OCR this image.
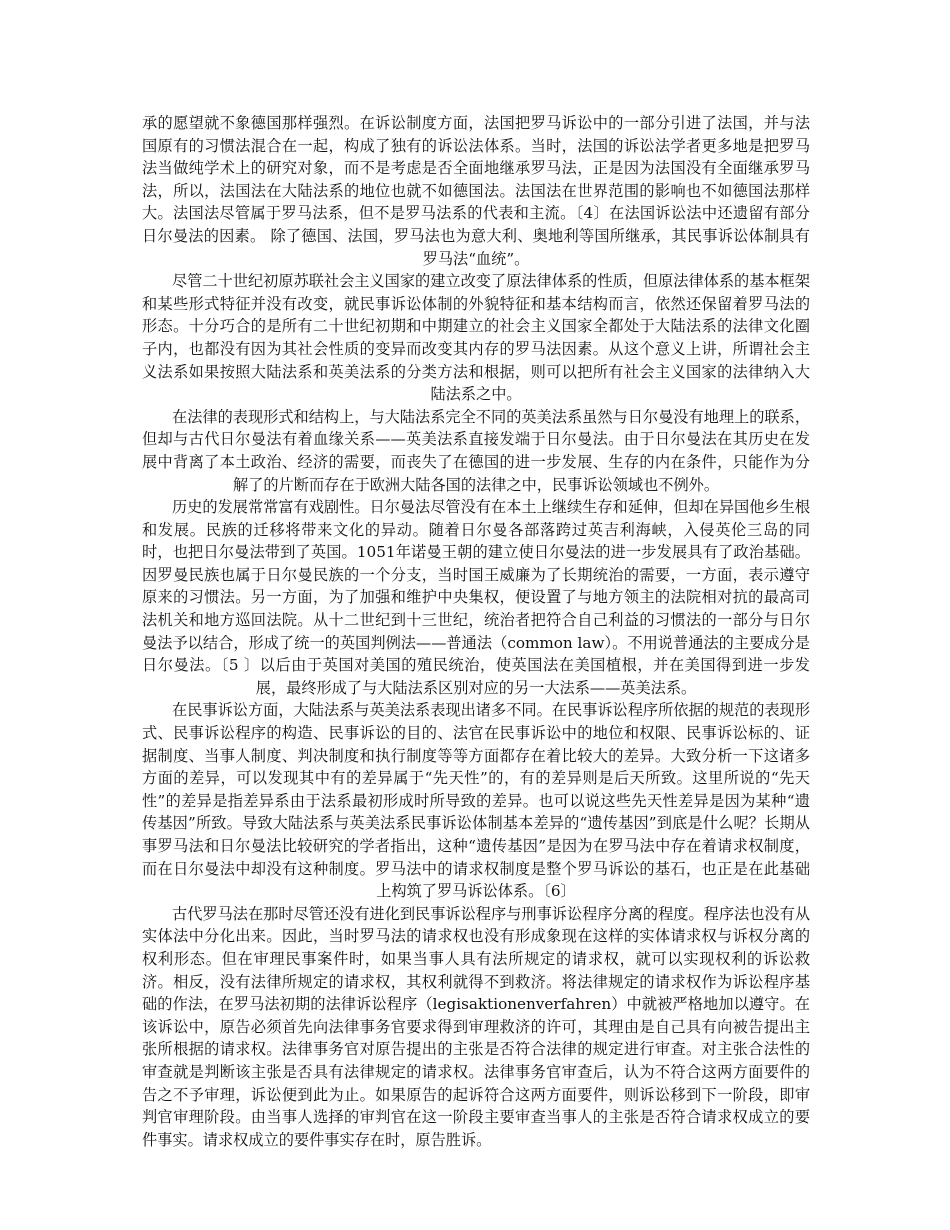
承的愿望就不象德国那样强烈。在诉讼制度方面，法国把罗马诉讼中的一部分引进了法国，并与法国原有的习惯法混合在一起，构成了独有的诉讼法体系。当时，法国的诉讼法学者更多地是把罗马法当做纯学术上的研究对象，而不是考虑是否全面地继承罗马法，正是因为法国没有全面继承罗马法，所以，法国法在大陆法系的地位也就不如德国法。法国法在世界范围的影响也不如德国法那样大。法国法尽管属于罗马法系，但不是罗马法系的代表和主流。〔4〕在法国诉讼法中还遗留有部分日尔曼法的因素。 除了德国、法国，罗马法也为意大利、奥地利等国所继承，其民事诉讼体制具有罗马法“血统”。

尽管二十世纪初原苏联社会主义国家的建立改变了原法律体系的性质，但原法律体系的基本框架和某些形式特征并没有改变，就民事诉讼体制的外貌特征和基本结构而言，依然还保留着罗马法的形态。十分巧合的是所有二十世纪初期和中期建立的社会主义国家全都处于大陆法系的法律文化圈子内，也都没有因为其社会性质的变异而改变其内存的罗马法因素。从这个意义上讲，所谓社会主义法系如果按照大陆法系和英美法系的分类方法和根据，则可以把所有社会主义国家的法律纳入大陆法系之中。

在法律的表现形式和结构上，与大陆法系完全不同的英美法系虽然与日尔曼没有地理上的联系，但却与古代日尔曼法有着血缘关系——英美法系直接发端于日尔曼法。由于日尔曼法在其历史在发展中背离了本土政治、经济的需要，而丧失了在德国的进一步发展、生存的内在条件，只能作为分解了的片断而存在于欧洲大陆各国的法律之中，民事诉讼领域也不例外。

历史的发展常常富有戏剧性。日尔曼法尽管没有在本土上继续生存和延伸，但却在异国他乡生根和发展。民族的迁移将带来文化的异动。随着日尔曼各部落跨过英吉利海峡，入侵英伦三岛的同时，也把日尔曼法带到了英国。1051年诺曼王朝的建立使日尔曼法的进一步发展具有了政治基础。因罗曼民族也属于日尔曼民族的一个分支，当时国王威廉为了长期统治的需要，一方面，表示遵守原来的习惯法。另一方面，为了加强和维护中央集权，便设置了与地方领主的法院相对抗的最高司法机关和地方巡回法院。从十二世纪到十三世纪，统治者把符合自己利益的习惯法的一部分与日尔曼法予以结合，形成了统一的英国判例法——普通法（common law）。不用说普通法的主要成分是日尔曼法。〔5 〕以后由于英国对美国的殖民统治，使英国法在美国植根，并在美国得到进一步发展，最终形成了与大陆法系区别对应的另一大法系——英美法系。

在民事诉讼方面，大陆法系与英美法系表现出诸多不同。在民事诉讼程序所依据的规范的表现形式、民事诉讼程序的构造、民事诉讼的目的、法官在民事诉讼中的地位和权限、民事诉讼标的、证据制度、当事人制度、判决制度和执行制度等等方面都存在着比较大的差异。大致分析一下这诸多方面的差异，可以发现其中有的差异属于“先天性”的，有的差异则是后天所致。这里所说的“先天性”的差异是指差异系由于法系最初形成时所导致的差异。也可以说这些先天性差异是因为某种“遗传基因”所致。导致大陆法系与英美法系民事诉讼体制基本差异的“遗传基因”到底是什么呢？长期从事罗马法和日尔曼法比较研究的学者指出，这种“遗传基因”是因为在罗马法中存在着请求权制度，而在日尔曼法中却没有这种制度。罗马法中的请求权制度是整个罗马诉讼的基石，也正是在此基础上构筑了罗马诉讼体系。〔6〕

古代罗马法在那时尽管还没有进化到民事诉讼程序与刑事诉讼程序分离的程度。程序法也没有从实体法中分化出来。因此，当时罗马法的请求权也没有形成象现在这样的实体请求权与诉权分离的权利形态。但在审理民事案件时，如果当事人具有法所规定的请求权，就可以实现权利的诉讼救济。相反，没有法律所规定的请求权，其权利就得不到救济。将法律规定的请求权作为诉讼程序基础的作法，在罗马法初期的法律诉讼程序（legisaktionenverfahren）中就被严格地加以遵守。在该诉讼中，原告必须首先向法律事务官要求得到审理救济的许可，其理由是自己具有向被告提出主张所根据的请求权。法律事务官对原告提出的主张是否符合法律的规定进行审查。对主张合法性的审查就是判断该主张是否具有法律规定的请求权。法律事务官审查后，认为不符合这两方面要件的告之不予审理，诉讼便到此为止。如果原告的起诉符合这两方面要件，则诉讼移到下一阶段，即审判官审理阶段。由当事人选择的审判官在这一阶段主要审查当事人的主张是否符合请求权成立的要件事实。请求权成立的要件事实存在时，原告胜诉。
